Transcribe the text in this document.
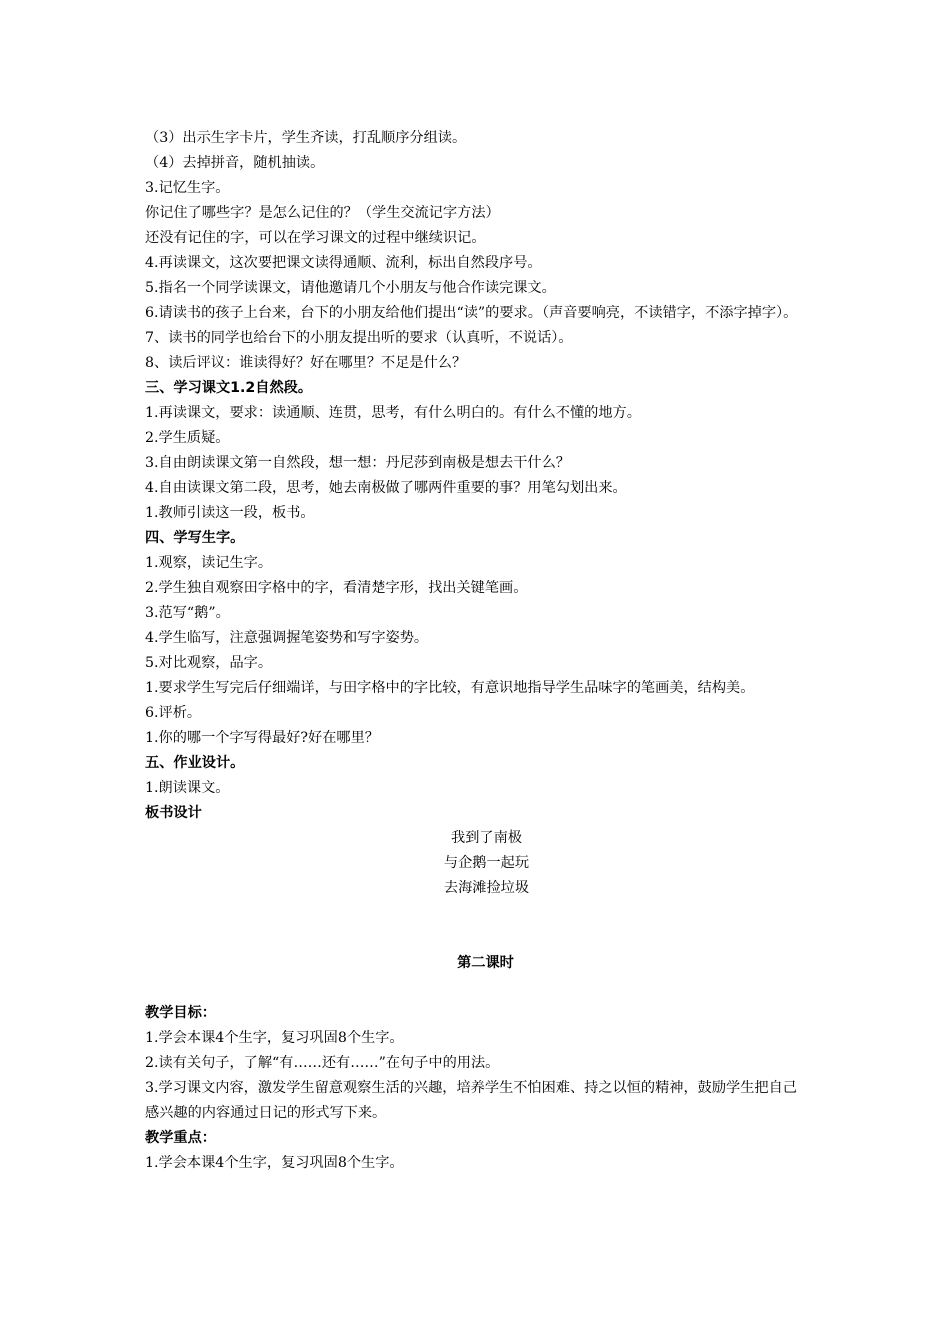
（3）出示生字卡片，学生齐读，打乱顺序分组读。
（4）去掉拼音，随机抽读。
3.记忆生字。
你记住了哪些字？是怎么记住的？（学生交流记字方法）
还没有记住的字，可以在学习课文的过程中继续识记。
4.再读课文，这次要把课文读得通顺、流利，标出自然段序号。
5.指名一个同学读课文，请他邀请几个小朋友与他合作读完课文。
6.请读书的孩子上台来，台下的小朋友给他们提出“读”的要求。（声音要响亮，不读错字，不添字掉字）。
7、读书的同学也给台下的小朋友提出听的要求（认真听，不说话）。
8、读后评议：谁读得好？好在哪里？不足是什么？
三、学习课文1.2自然段。
1.再读课文，要求：读通顺、连贯，思考，有什么明白的。有什么不懂的地方。
2.学生质疑。
3.自由朗读课文第一自然段，想一想：丹尼莎到南极是想去干什么？
4.自由读课文第二段，思考，她去南极做了哪两件重要的事？用笔勾划出来。
1.教师引读这一段，板书。
四、学写生字。
1.观察，读记生字。
2.学生独自观察田字格中的字，看清楚字形，找出关键笔画。
3.范写“鹅”。
4.学生临写，注意强调握笔姿势和写字姿势。
5.对比观察，品字。
1.要求学生写完后仔细端详，与田字格中的字比较，有意识地指导学生品味字的笔画美，结构美。
6.评析。
1.你的哪一个字写得最好?好在哪里？
五、作业设计。
1.朗读课文。
板书设计
我到了南极
与企鹅一起玩
去海滩捡垃圾
第二课时
教学目标：
1.学会本课4个生字，复习巩固8个生字。
2.读有关句子，了解“有……还有……”在句子中的用法。
3.学习课文内容，激发学生留意观察生活的兴趣，培养学生不怕困难、持之以恒的精神，鼓励学生把自己感兴趣的内容通过日记的形式写下来。
教学重点：
1.学会本课4个生字，复习巩固8个生字。
